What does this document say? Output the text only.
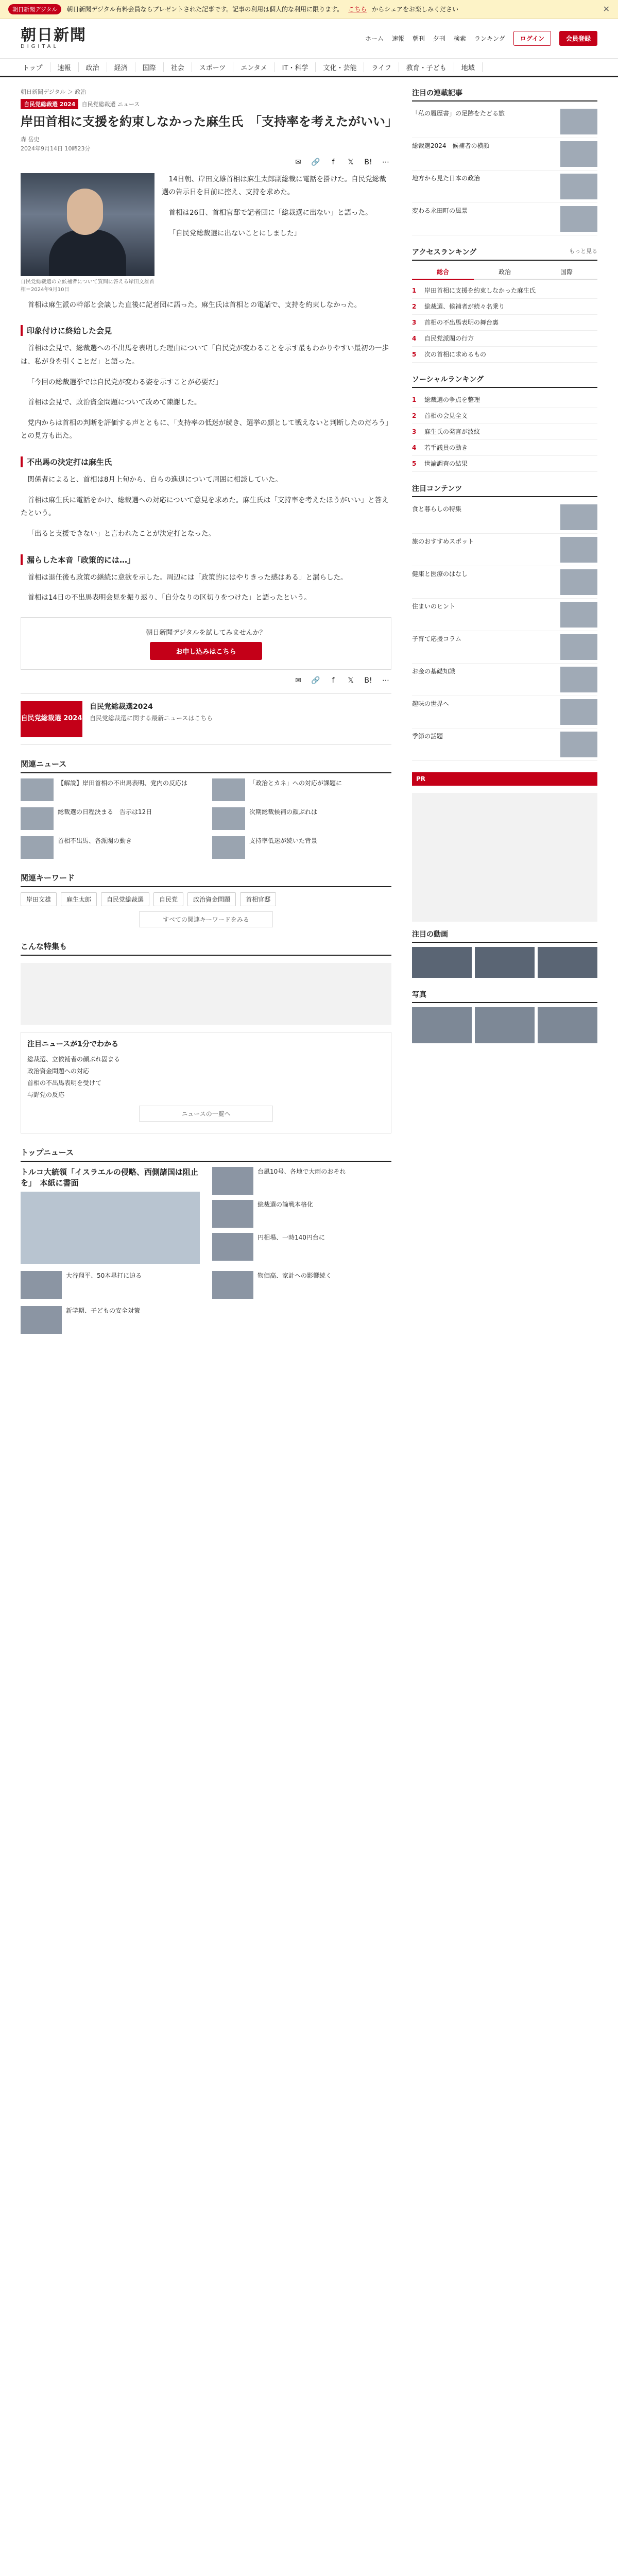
朝日新聞デジタル	朝日新聞デジタル有料会員ならプレゼントされた記事です。記事の利用は個人的な利用に限ります。 こちら からシェアをお楽しみください	✕
朝日新聞
DIGITAL
ホーム 速報 朝刊 夕刊 検索 ランキング	ログイン	会員登録
トップ	速報	政治	経済	国際	社会	スポーツ	エンタメ	IT・科学	文化・芸能	ライフ	教育・子ども	地域
朝日新聞デジタル ＞ 政治
自民党総裁選 2024	自民党総裁選 ニュース
岸田首相に支援を約束しなかった麻生氏　「支持率を考えたがいい」
森 岳史
2024年9月14日 10時23分
✉	🔗	f	𝕏	B! ⋯
自民党総裁選の立候補者について質問に答える岸田文雄首相＝2024年9月10日

14日朝、岸田文雄首相は麻生太郎副総裁に電話を掛けた。自民党総裁選の告示日を目前に控え、支持を求めた。

首相は26日、首相官邸で記者団に「総裁選に出ない」と語った。

「自民党総裁選に出ないことにしました」

首相は麻生派の幹部と会談した直後に記者団に語った。麻生氏は首相との電話で、支持を約束しなかった。

印象付けに終始した会見

首相は会見で、総裁選への不出馬を表明した理由について「自民党が変わることを示す最もわかりやすい最初の一歩は、私が身を引くことだ」と語った。

「今回の総裁選挙では自民党が変わる姿を示すことが必要だ」

首相は会見で、政治資金問題について改めて陳謝した。

党内からは首相の判断を評価する声とともに、「支持率の低迷が続き、選挙の顔として戦えないと判断したのだろう」との見方も出た。

不出馬の決定打は麻生氏

関係者によると、首相は8月上旬から、自らの進退について周囲に相談していた。

首相は麻生氏に電話をかけ、総裁選への対応について意見を求めた。麻生氏は「支持率を考えたほうがいい」と答えたという。

「出ると支援できない」と言われたことが決定打となった。

漏らした本音「政策的には…」

首相は退任後も政策の継続に意欲を示した。周辺には「政策的にはやりきった感はある」と漏らした。

首相は14日の不出馬表明会見を振り返り、「自分なりの区切りをつけた」と語ったという。

朝日新聞デジタルを試してみませんか？

お申し込みはこちら
✉	🔗	f	𝕏	B! ⋯
自民党総裁選 2024
自民党総裁選2024
自民党総裁選に関する最新ニュースはこちら
関連ニュース
【解説】岸田首相の不出馬表明、党内の反応は	「政治とカネ」への対応が課題に
総裁選の日程決まる　告示は12日	次期総裁候補の顔ぶれは
首相不出馬、各派閥の動き	支持率低迷が続いた背景
関連キーワード
岸田文雄	麻生太郎	自民党総裁選	自民党	政治資金問題	首相官邸
すべての関連キーワードをみる
こんな特集も
注目ニュースが1分でわかる
総裁選、立候補者の顔ぶれ固まる
政治資金問題への対応
首相の不出馬表明を受けて
与野党の反応
ニュースの一覧へ
トップニュース
トルコ大統領「イスラエルの侵略、西側諸国は阻止を」　本紙に書面
台風10号、各地で大雨のおそれ
総裁選の論戦本格化
円相場、一時140円台に
大谷翔平、50本塁打に迫る	物価高、家計への影響続く
新学期、子どもの安全対策
注目の連載記事
「私の履歴書」の足跡をたどる旅
総裁選2024　候補者の横顔
地方から見た日本の政治
変わる永田町の風景
アクセスランキング	もっと見る
総合	政治	国際
1	岸田首相に支援を約束しなかった麻生氏
2	総裁選、候補者が続々名乗り
3	首相の不出馬表明の舞台裏
4	自民党派閥の行方
5	次の首相に求めるもの
ソーシャルランキング
1	総裁選の争点を整理
2	首相の会見全文
3	麻生氏の発言が波紋
4	若手議員の動き
5	世論調査の結果
注目コンテンツ
食と暮らしの特集
旅のおすすめスポット
健康と医療のはなし
住まいのヒント
子育て応援コラム
お金の基礎知識
趣味の世界へ
季節の話題
PR
注目の動画
写真
